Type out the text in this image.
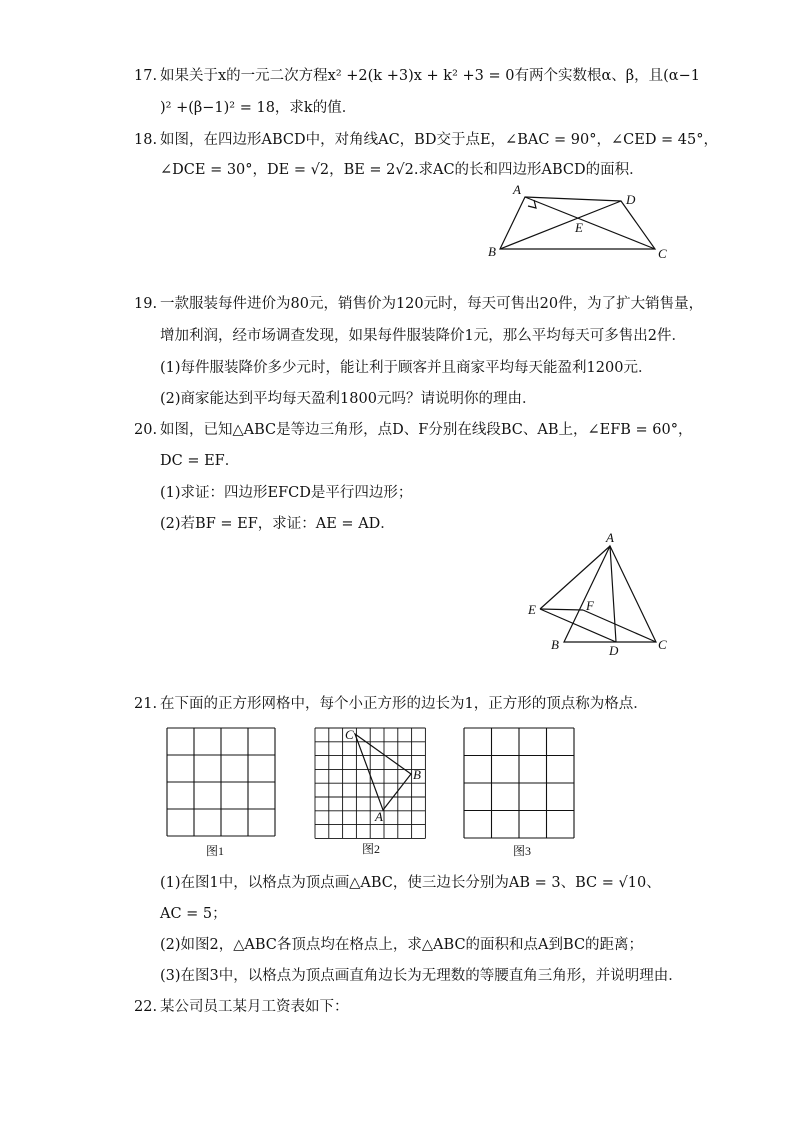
17. 如果关于x的一元二次方程x² +2(k +3)x + k² +3 = 0有两个实数根α、β，且(α−1
)² +(β−1)² = 18，求k的值．
18. 如图，在四边形ABCD中，对角线AC，BD交于点E，∠BAC = 90°，∠CED = 45°，
∠DCE = 30°，DE = √2，BE = 2√2.求AC的长和四边形ABCD的面积．
A
D
E
B	C
19. 一款服装每件进价为80元，销售价为120元时，每天可售出20件，为了扩大销售量，
增加利润，经市场调查发现，如果每件服装降价1元，那么平均每天可多售出2件．
(1)每件服装降价多少元时，能让利于顾客并且商家平均每天能盈利1200元．
(2)商家能达到平均每天盈利1800元吗？请说明你的理由．
20. 如图，已知△ABC是等边三角形，点D、F分别在线段BC、AB上，∠EFB = 60°，
DC = EF．
(1)求证：四边形EFCD是平行四边形；
(2)若BF = EF，求证：AE = AD．
A
E	F
B	D	C
21. 在下面的正方形网格中，每个小正方形的边长为1，正方形的顶点称为格点．
图1
C
B
A
图2	图3
(1)在图1中，以格点为顶点画△ABC，使三边长分别为AB = 3、BC = √10、
AC = 5；
(2)如图2，△ABC各顶点均在格点上，求△ABC的面积和点A到BC的距离；
(3)在图3中，以格点为顶点画直角边长为无理数的等腰直角三角形，并说明理由．
22. 某公司员工某月工资表如下：
